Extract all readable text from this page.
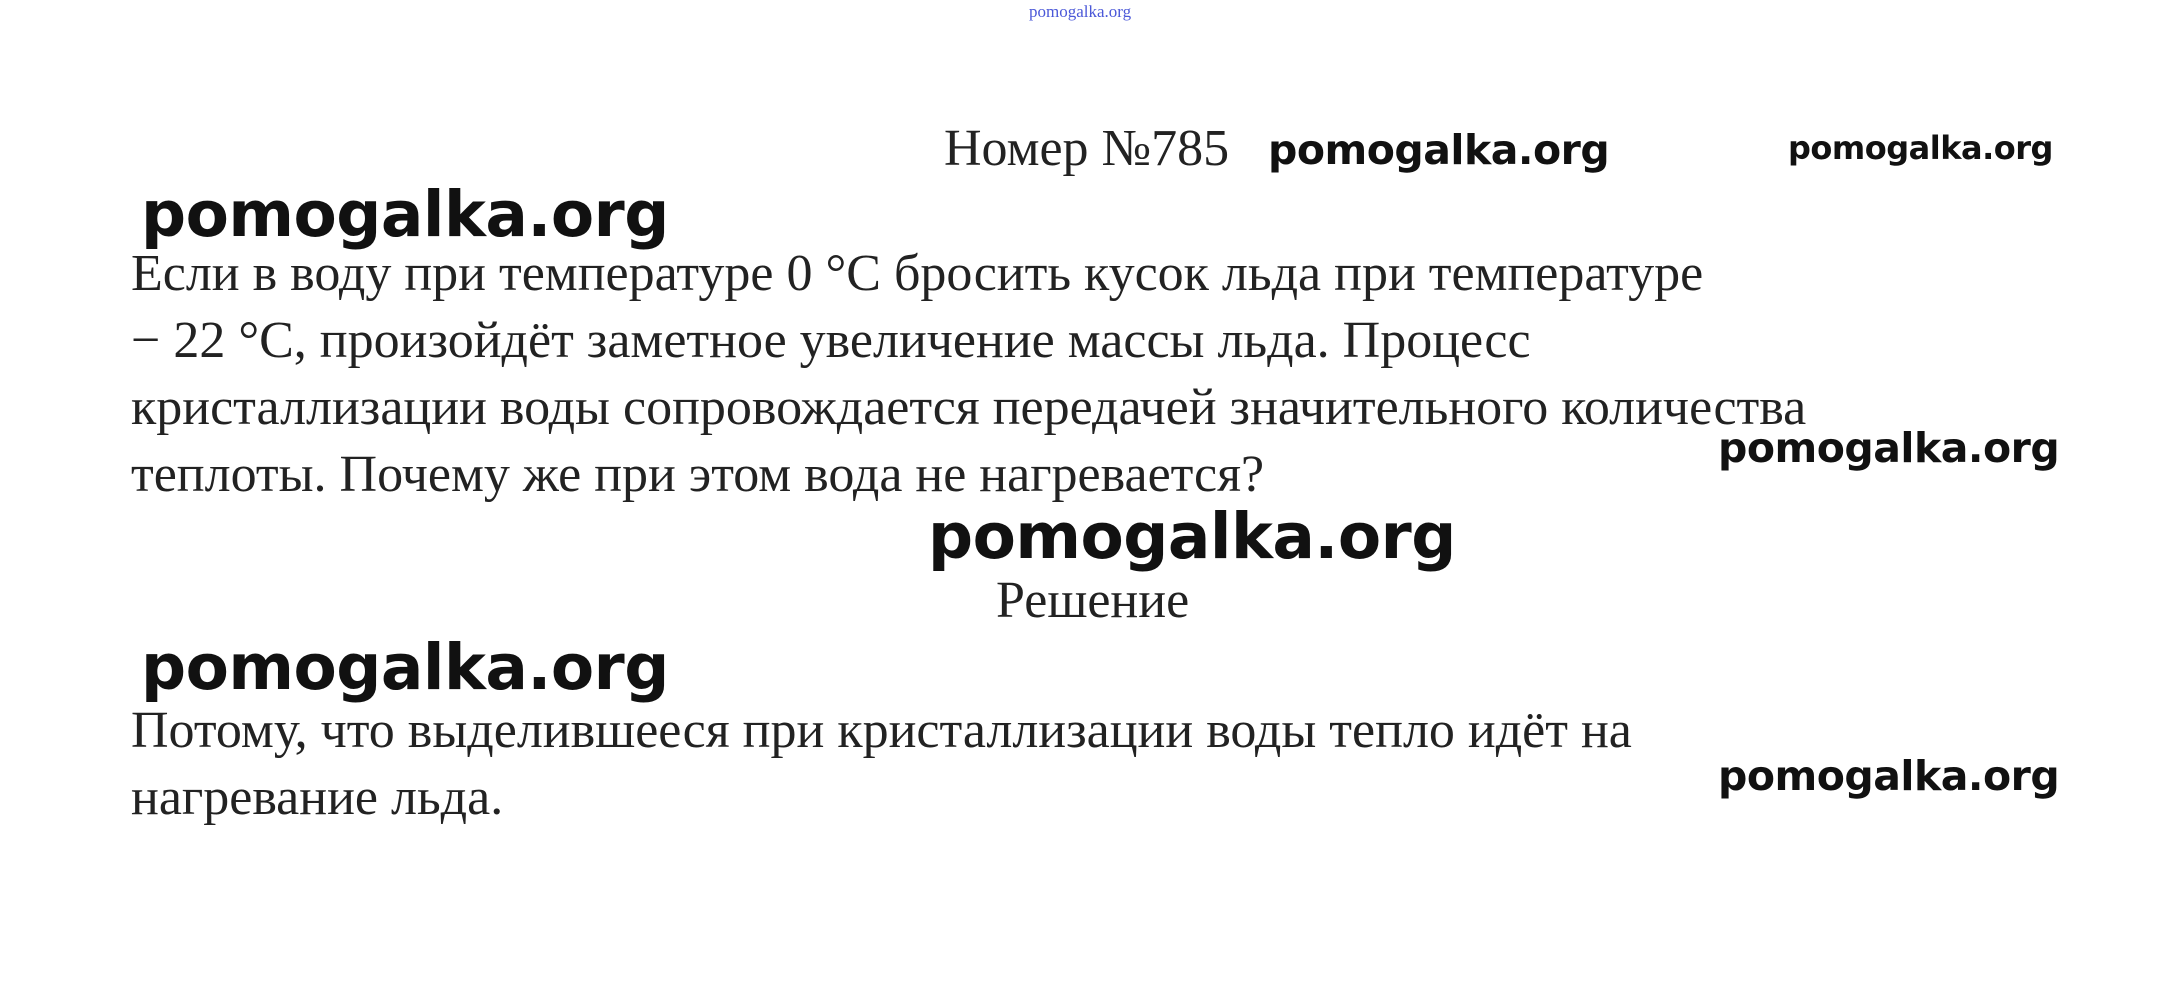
pomogalka.org
Номер №785 pomogalka.org	pomogalka.org
pomogalka.org
Если в воду при температуре 0 °C бросить кусок льда при температуре
− 22 °C, произойдёт заметное увеличение массы льда. Процесс
кристаллизации воды сопровождается передачей значительного количества
теплоты. Почему же при этом вода не нагревается?	pomogalka.org
pomogalka.org
Решение
pomogalka.org
Потому, что выделившееся при кристаллизации воды тепло идёт на
нагревание льда.	pomogalka.org
